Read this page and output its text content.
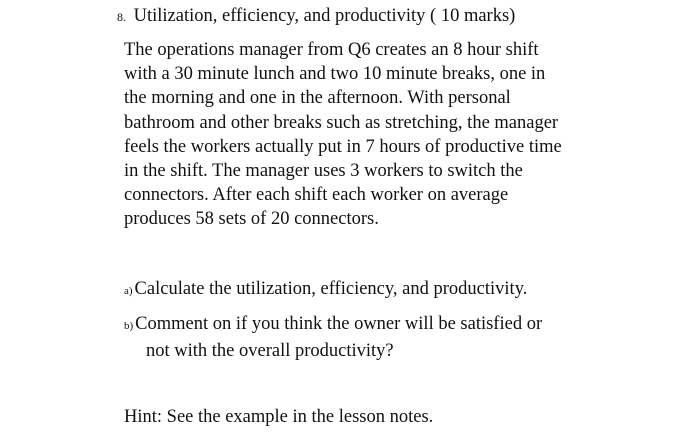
8. Utilization, efficiency, and productivity ( 10 marks)
The operations manager from Q6 creates an 8 hour shift
with a 30 minute lunch and two 10 minute breaks, one in
the morning and one in the afternoon. With personal
bathroom and other breaks such as stretching, the manager
feels the workers actually put in 7 hours of productive time
in the shift. The manager uses 3 workers to switch the
connectors. After each shift each worker on average
produces 58 sets of 20 connectors.
a) Calculate the utilization, efficiency, and productivity.
b) Comment on if you think the owner will be satisfied or
not with the overall productivity?
Hint: See the example in the lesson notes.
